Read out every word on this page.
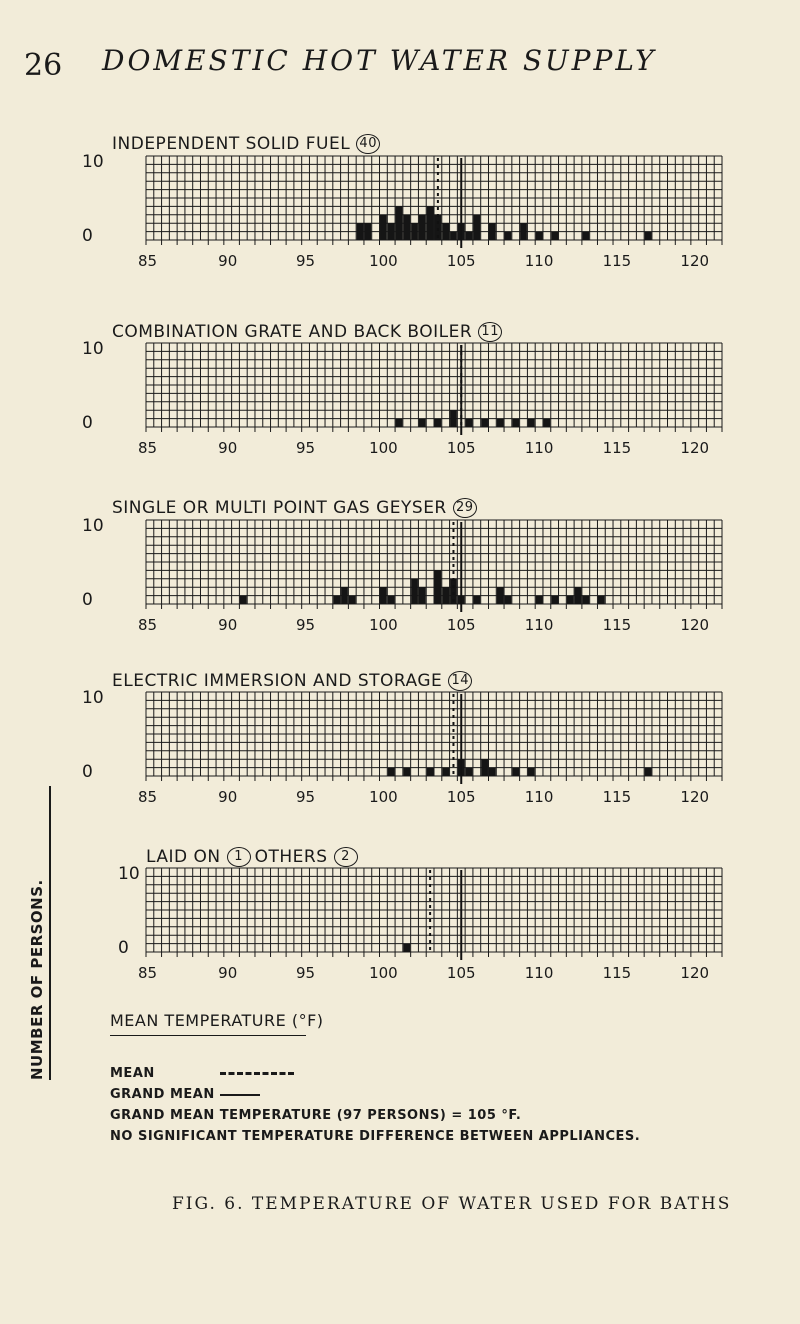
26 DOMESTIC HOT WATER SUPPLY
INDEPENDENT SOLID FUEL 40
10
0
85	90	95	100	105	110	115	120
COMBINATION GRATE AND BACK BOILER 11
10
0
85	90	95	100	105	110	115	120
SINGLE OR MULTI POINT GAS GEYSER 29
10
0
85	90	95	100	105	110	115	120
ELECTRIC IMMERSION AND STORAGE 14
10
0
85	90	95	100	105	110	115	120
LAID ON 1 OTHERS 2
10
0
85	90	95	100	105	110	115	120
NUMBER OF PERSONS.	MEAN TEMPERATURE (°F)
MEAN
GRAND MEAN
GRAND MEAN TEMPERATURE (97 PERSONS) = 105 °F.
NO SIGNIFICANT TEMPERATURE DIFFERENCE BETWEEN APPLIANCES.
FIG. 6. TEMPERATURE OF WATER USED FOR BATHS
